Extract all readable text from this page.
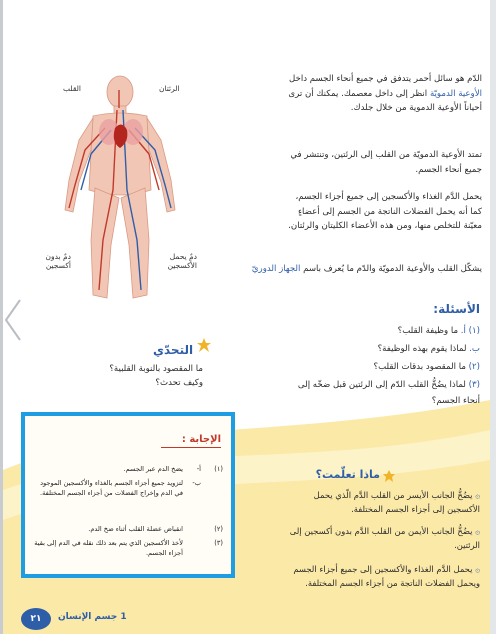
الدّم هو سائل أحمر يتدفق في جميع أنحاء الجسم داخل

الأوعية الدمويّة انظر إلى داخل معصمك. يمكنك أن ترى

أحياناً الأوعية الدموية من خلال جلدك.

تمتد الأوعية الدمويّة من القلب إلى الرئتين، وتنتشر في

جميع أنحاء الجسم.

يحمل الدَّم الغذاء والأكسجين إلى جميع أجزاء الجسم،

كما أنه يحمل الفضلات الناتجة من الجسم إلى أعضاءٍ

معيّنة للتخلص منها، ومن هذه الأعضاء الكليتان والرئتان.

يشكّل القلب والأوعية الدمويّة والدّم ما يُعرف باسم الجهاز الدوريّ

الأسئلة:
(١) أ. ما وظيفة القلب؟
ب. لماذا يقوم بهذه الوظيفة؟
(٢) ما المقصود بدقات القلب؟
(٣) لماذا يضُخُّ القلب الدّم إلى الرئتين قبل ضخّه إلى
أنحاء الجسم؟
القلب	الرئتان
دمٌ يحمل الأكسجين
دمٌ بدون أكسجين
التحدّي
ما المقصود بالنوبة القلبية؟
وكيف تحدث؟
ماذا تعلّمت؟
۞ يضُخُّ الجانب الأيسر من القلب الدَّم الّذي يحمل
الأكسجين إلى أجزاء الجسم المختلفة.
۞ يضُخُّ الجانب الأيمن من القلب الدَّم بدون أكسجين إلى
الرئتين.
۞ يحمل الدَّم الغذاء والأكسجين إلى جميع أجزاء الجسم
ويحمل الفضلات الناتجة من أجزاء الجسم المختلفة.
الإجابة :
(١)
أ-
يضخ الدم عبر الجسم.
ب-
لتزويد جميع أجزاء الجسم بالغذاء والأكسجين الموجود في الدم وإخراج الفضلات من أجزاء الجسم المختلفة.
(٢)
انقباض عضلة القلب أثناء ضخ الدم.
(٣)
لأخذ الأكسجين الذي يتم بعد ذلك نقله في الدم إلى بقية أجزاء الجسم.
٢١	1 جسم الإنسان
